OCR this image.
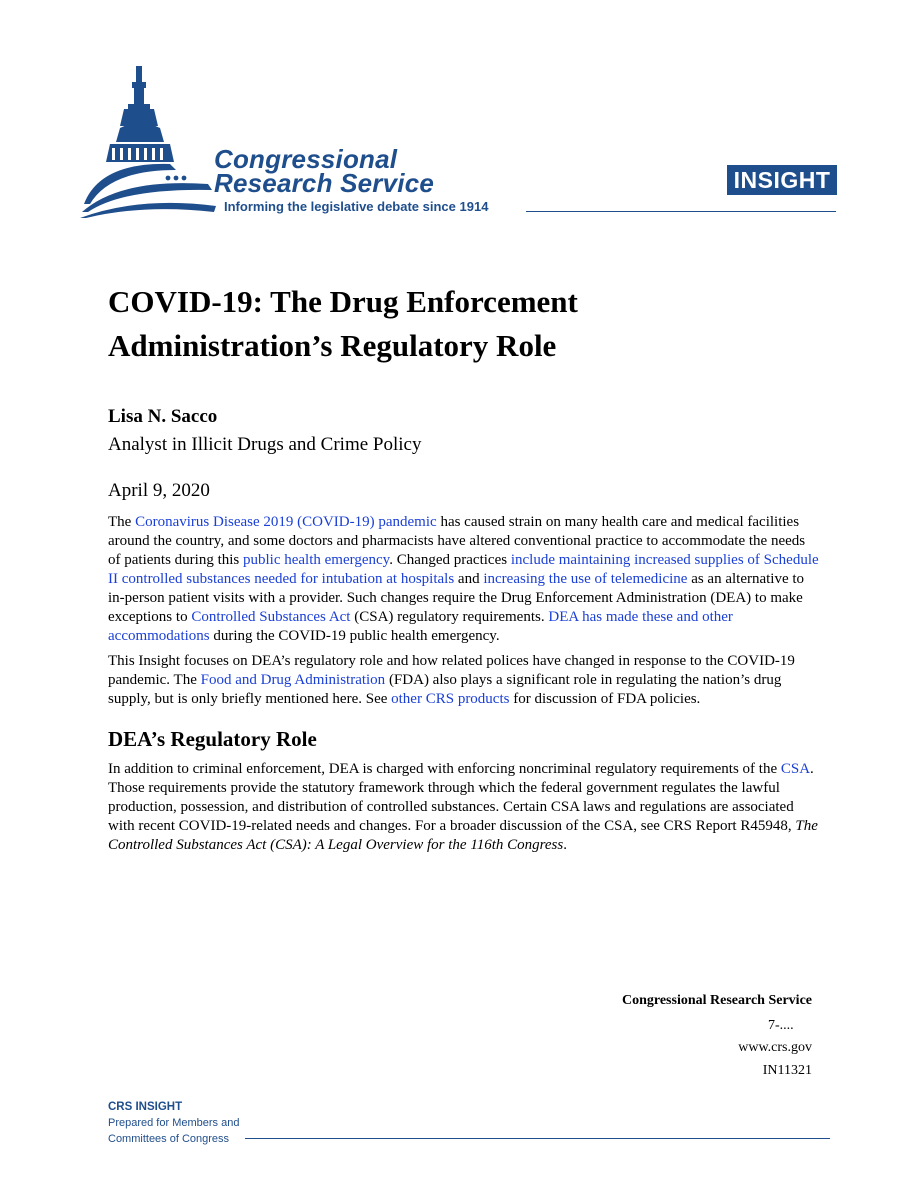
Congressional
Research Service
Informing the legislative debate since 1914
INSIGHT
COVID-19: The Drug Enforcement Administration’s Regulatory Role

Lisa N. Sacco

Analyst in Illicit Drugs and Crime Policy

April 9, 2020

The Coronavirus Disease 2019 (COVID-19) pandemic has caused strain on many health care and medical facilities around the country, and some doctors and pharmacists have altered conventional practice to accommodate the needs of patients during this public health emergency. Changed practices include maintaining increased supplies of Schedule II controlled substances needed for intubation at hospitals and increasing the use of telemedicine as an alternative to in-person patient visits with a provider. Such changes require the Drug Enforcement Administration (DEA) to make exceptions to Controlled Substances Act (CSA) regulatory requirements. DEA has made these and other accommodations during the COVID-19 public health emergency.

This Insight focuses on DEA’s regulatory role and how related polices have changed in response to the COVID-19 pandemic. The Food and Drug Administration (FDA) also plays a significant role in regulating the nation’s drug supply, but is only briefly mentioned here. See other CRS products for discussion of FDA policies.

DEA’s Regulatory Role

In addition to criminal enforcement, DEA is charged with enforcing noncriminal regulatory requirements of the CSA. Those requirements provide the statutory framework through which the federal government regulates the lawful production, possession, and distribution of controlled substances. Certain CSA laws and regulations are associated with recent COVID-19-related needs and changes. For a broader discussion of the CSA, see CRS Report R45948, The Controlled Substances Act (CSA): A Legal Overview for the 116th Congress.

Congressional Research Service
7-....
www.crs.gov
IN11321
CRS INSIGHT
Prepared for Members and
Committees of Congress
